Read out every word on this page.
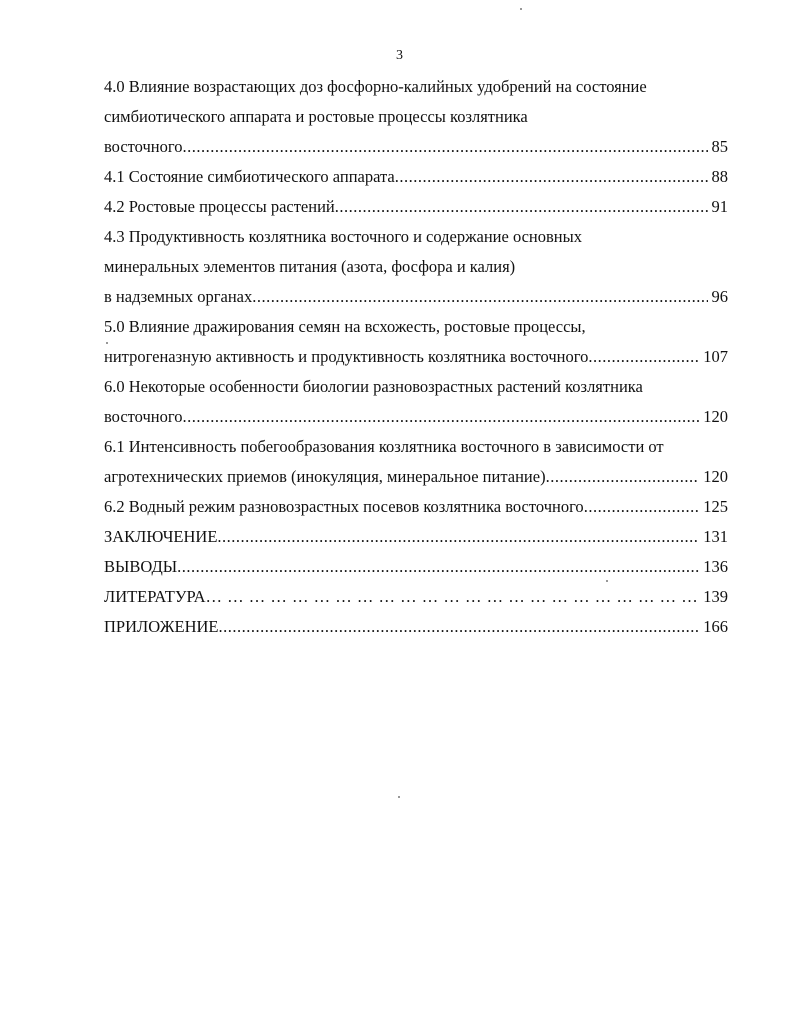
3
4.0 Влияние возрастающих доз фосфорно-калийных удобрений на состояние
симбиотического аппарата и ростовые процессы козлятника
восточного .....	85
4.1 Состояние симбиотического аппарата .....	88
4.2 Ростовые процессы растений .....	91
4.3 Продуктивность козлятника восточного и содержание основных
минеральных элементов питания (азота, фосфора и калия)
в надземных органах .....	96
5.0 Влияние дражирования семян на всхожесть, ростовые процессы,
нитрогеназную активность и продуктивность козлятника восточного .....	107
6.0 Некоторые особенности биологии разновозрастных растений козлятника
восточного .....	120
6.1 Интенсивность побегообразования козлятника восточного в зависимости от
агротехнических приемов (инокуляция, минеральное питание) .....	120
6.2 Водный режим разновозрастных посевов козлятника восточного .....	125
ЗАКЛЮЧЕНИЕ .....	131
ВЫВОДЫ .....	136
ЛИТЕРАТУРА … … … … … … … … … … … … … … … … … … … … … … … … … … … … … … … … … … … … … … … … … … … … … … …	139
ПРИЛОЖЕНИЕ .....	166
